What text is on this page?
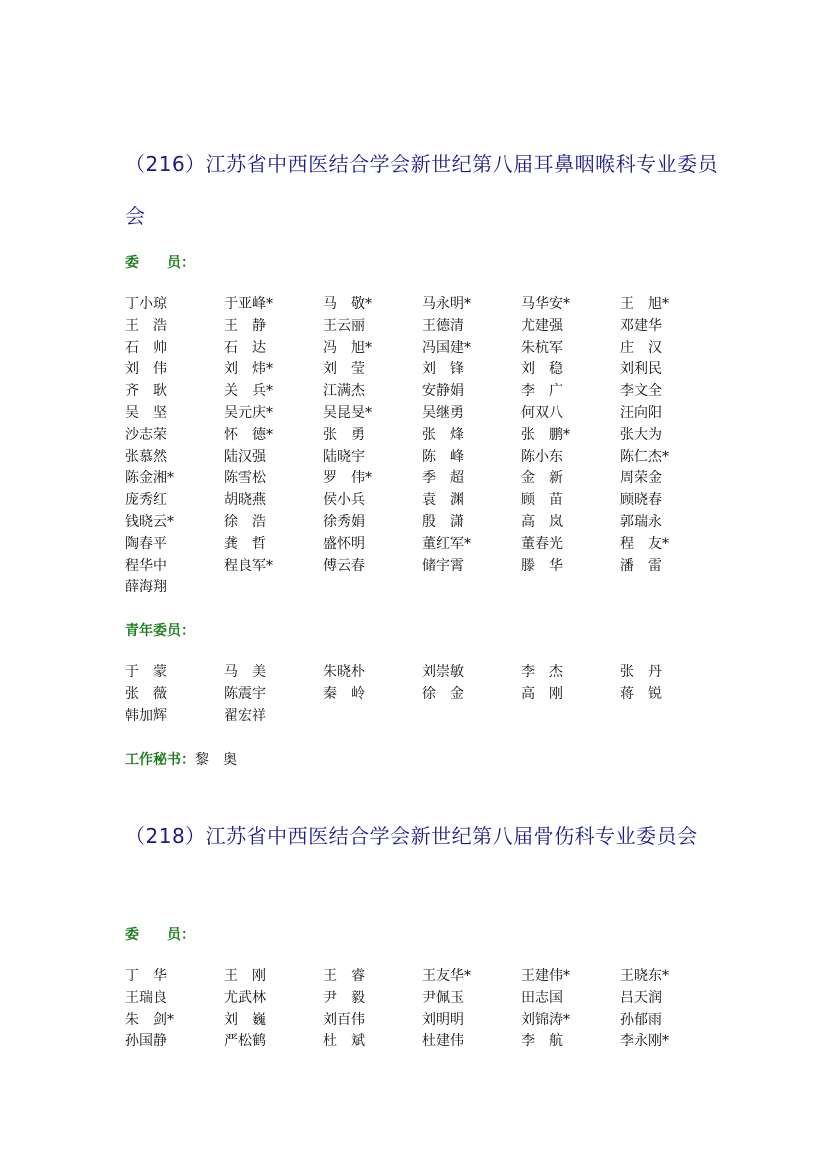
（216）江苏省中西医结合学会新世纪第八届耳鼻咽喉科专业委员会
委　　员：
丁小琼	于亚峰*	马　敬*	马永明*	马华安*	王　旭*
王　浩	王　静	王云丽	王德清	尤建强	邓建华
石　帅	石　达	冯　旭*	冯国建*	朱杭军	庄　汉
刘　伟	刘　炜*	刘　莹	刘　锋	刘　稳	刘利民
齐　耿	关　兵*	江满杰	安静娟	李　广	李文全
吴　坚	吴元庆*	吴昆旻*	吴继勇	何双八	汪向阳
沙志荣	怀　德*	张　勇	张　烽	张　鹏*	张大为
张慕然	陆汉强	陆晓宇	陈　峰	陈小东	陈仁杰*
陈金湘*	陈雪松	罗　伟*	季　超	金　新	周荣金
庞秀红	胡晓燕	侯小兵	袁　渊	顾　苗	顾晓春
钱晓云*	徐　浩	徐秀娟	殷　潇	高　岚	郭瑞永
陶春平	龚　哲	盛怀明	董红军*	董春光	程　友*
程华中	程良军*	傅云春	储宇霄	滕　华	潘　雷
薛海翔
青年委员：
于　蒙	马　美	朱晓朴	刘崇敏	李　杰	张　丹
张　薇	陈震宇	秦　岭	徐　金	高　刚	蒋　锐
韩加辉	翟宏祥
工作秘书：黎　奥
（218）江苏省中西医结合学会新世纪第八届骨伤科专业委员会
委　　员：
丁　华	王　刚	王　睿	王友华*	王建伟*	王晓东*
王瑞良	尤武林	尹　毅	尹佩玉	田志国	吕天润
朱　剑*	刘　巍	刘百伟	刘明明	刘锦涛*	孙郁雨
孙国静	严松鹤	杜　斌	杜建伟	李　航	李永刚*
